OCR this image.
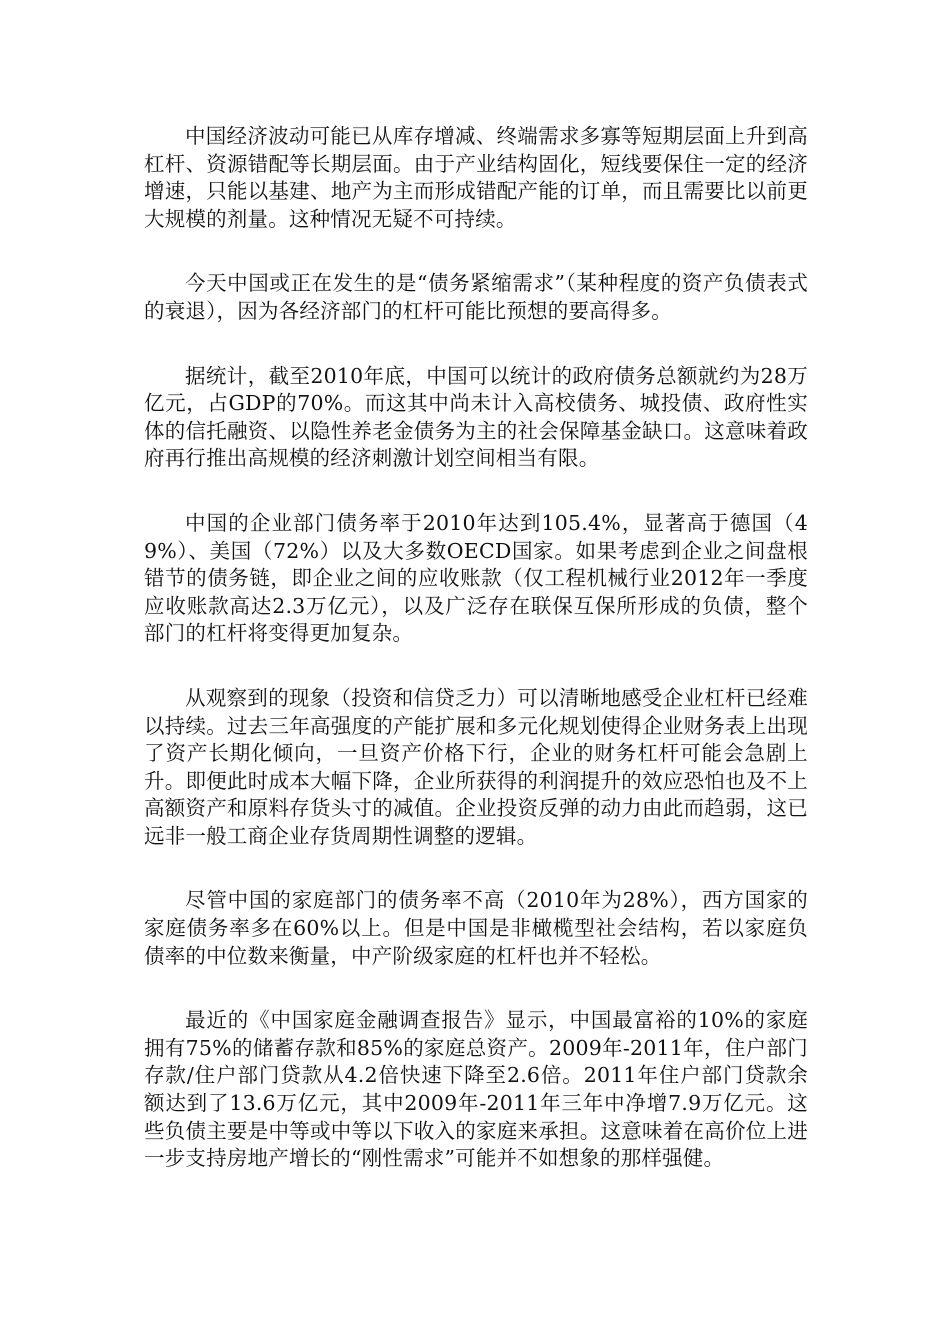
中国经济波动可能已从库存增减、终端需求多寡等短期层面上升到高杠杆、资源错配等长期层面。由于产业结构固化，短线要保住一定的经济增速，只能以基建、地产为主而形成错配产能的订单，而且需要比以前更大规模的剂量。这种情况无疑不可持续。

今天中国或正在发生的是“债务紧缩需求”（某种程度的资产负债表式的衰退），因为各经济部门的杠杆可能比预想的要高得多。

据统计，截至2010年底，中国可以统计的政府债务总额就约为28万亿元，占GDP的70%。而这其中尚未计入高校债务、城投债、政府性实体的信托融资、以隐性养老金债务为主的社会保障基金缺口。这意味着政府再行推出高规模的经济刺激计划空间相当有限。

中国的企业部门债务率于2010年达到105.4%，显著高于德国（49%）、美国（72%）以及大多数OECD国家。如果考虑到企业之间盘根错节的债务链，即企业之间的应收账款（仅工程机械行业2012年一季度应收账款高达2.3万亿元），以及广泛存在联保互保所形成的负债，整个部门的杠杆将变得更加复杂。

从观察到的现象（投资和信贷乏力）可以清晰地感受企业杠杆已经难以持续。过去三年高强度的产能扩展和多元化规划使得企业财务表上出现了资产长期化倾向，一旦资产价格下行，企业的财务杠杆可能会急剧上升。即便此时成本大幅下降，企业所获得的利润提升的效应恐怕也及不上高额资产和原料存货头寸的减值。企业投资反弹的动力由此而趋弱，这已远非一般工商企业存货周期性调整的逻辑。

尽管中国的家庭部门的债务率不高（2010年为28%），西方国家的家庭债务率多在60%以上。但是中国是非橄榄型社会结构，若以家庭负债率的中位数来衡量，中产阶级家庭的杠杆也并不轻松。

最近的《中国家庭金融调查报告》显示，中国最富裕的10%的家庭拥有75%的储蓄存款和85%的家庭总资产。2009年-2011年，住户部门存款/住户部门贷款从4.2倍快速下降至2.6倍。2011年住户部门贷款余额达到了13.6万亿元，其中2009年-2011年三年中净增7.9万亿元。这些负债主要是中等或中等以下收入的家庭来承担。这意味着在高价位上进一步支持房地产增长的“刚性需求”可能并不如想象的那样强健。
